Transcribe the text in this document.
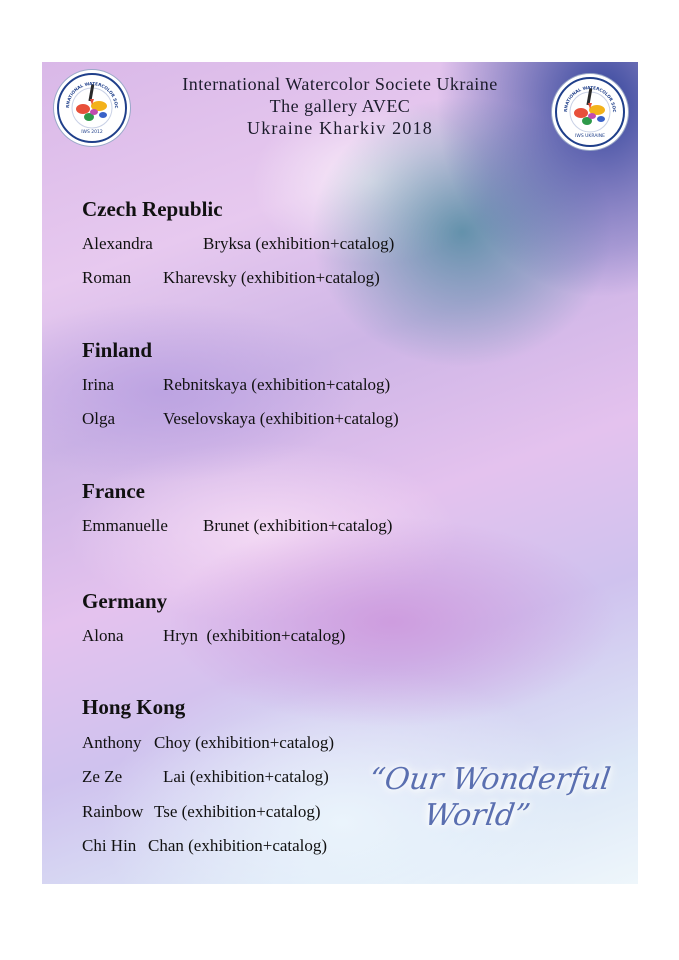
RNATIONAL WATERCOLOR SOC
IWS 2012
RNATIONAL WATERCOLOR SOC
IWS UKRAINE
International Watercolor Societe Ukraine
The gallery AVEC
Ukraine Kharkiv 2018
Czech Republic
Alexandra	Bryksa (exhibition+catalog)
Roman Kharevsky (exhibition+catalog)
Finland
Irina	Rebnitskaya (exhibition+catalog)
Olga	Veselovskaya (exhibition+catalog)
France
Emmanuelle Brunet (exhibition+catalog)
Germany
Alona Hryn  (exhibition+catalog)
Hong Kong
Anthony Choy (exhibition+catalog)
Ze Ze Lai (exhibition+catalog)
Rainbow Tse (exhibition+catalog)
Chi Hin Chan (exhibition+catalog)
“Our Wonderful
World”
